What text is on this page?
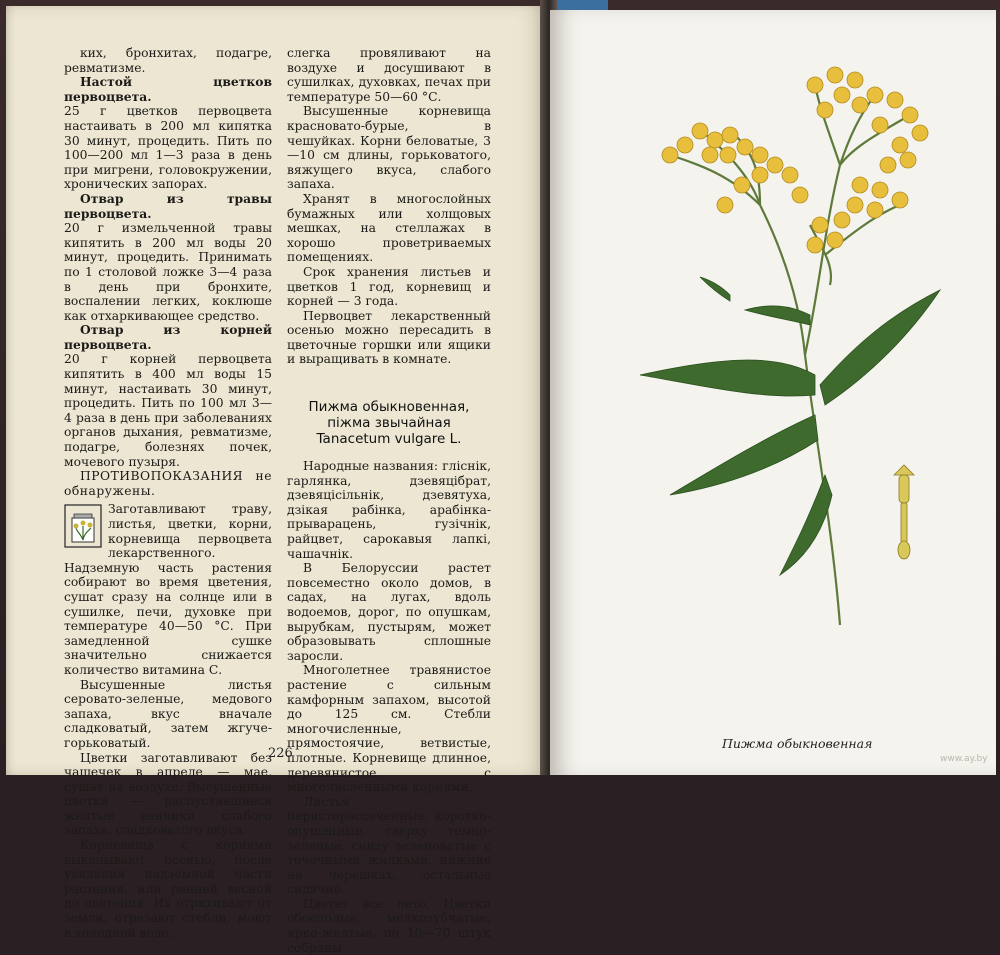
ких, бронхитах, подагре, ревматизме.

Настой цветков первоцвета.

25 г цветков первоцвета настаивать в 200 мл кипятка 30 минут, процедить. Пить по 100—200 мл 1—3 раза в день при мигрени, головокружении, хронических запорах.

Отвар из травы первоцвета.

20 г измельченной травы кипятить в 200 мл воды 20 минут, процедить. Принимать по 1 столовой ложке 3—4 раза в день при бронхите, воспалении легких, коклюше как отхаркивающее средство.

Отвар из корней первоцвета.

20 г корней первоцвета кипятить в 400 мл воды 15 минут, настаивать 30 минут, процедить. Пить по 100 мл 3—4 раза в день при заболеваниях органов дыхания, ревматизме, подагре, болезнях почек, мочевого пузыря.

ПРОТИВОПОКАЗАНИЯ не обнаружены.

Заготавливают траву, листья, цветки, корни, корневища первоцвета лекарственного. Надземную часть растения собирают во время цветения, сушат сразу на солнце или в сушилке, печи, духовке при температуре 40—50 °С. При замедленной сушке значительно снижается количество витамина С.

Высушенные листья серовато-зеленые, медового запаха, вкус вначале сладковатый, затем жгуче-горьковатый.

Цветки заготавливают без чашечек в апреле — мае, сушат на воздухе. Высушенные цветки — распустившиеся желтые венчики слабого запаха, сладковатого вкуса.

Корневища с корнями выкапывают осенью, после увядания надземной части растения, или ранней весной до цветения. Их отряхивают от земли, отрезают стебли, моют в холодной воде,

слегка провяливают на воздухе и досушивают в сушилках, духовках, печах при температуре 50—60 °С.

Высушенные корневища красновато-бурые, в чешуйках. Корни беловатые, 3—10 см длины, горьковатого, вяжущего вкуса, слабого запаха.

Хранят в многослойных бумажных или холщовых мешках, на стеллажах в хорошо проветриваемых помещениях.

Срок хранения листьев и цветков 1 год, корневищ и корней — 3 года.

Первоцвет лекарственный осенью можно пересадить в цветочные горшки или ящики и выращивать в комнате.

Пижма обыкновенная,
пiжма звычайная
Tanacetum vulgare L.

Народные названия: глiснiк, гарлянка, дзевяцiбрат, дзевяцiсiльнiк, дзевятуха, дзiкая рабiнка, арабiнка-прыварацень, гузiчнiк, райцвет, сарокавыя лапкi, чашачнiк.

В Белоруссии растет повсеместно около домов, в садах, на лугах, вдоль водоемов, дорог, по опушкам, вырубкам, пустырям, может образовывать сплошные заросли.

Многолетнее травянистое растение с сильным камфорным запахом, высотой до 125 см. Стебли многочисленные, прямостоячие, ветвистые, плотные. Корневище длинное, деревянистое, с многочисленными корнями.

Листья перисторассеченные, короткоопушенные, сверху темно-зеленые, снизу зеленоватые с точечными жилками, нижние на черешках, остальные сидячие.

Цветет все лето. Цветки обоеполые, мелкозубчатые, ярко-желтые, по 10—70 штук собраны

226
Пижма обыкновенная
www.ay.by
